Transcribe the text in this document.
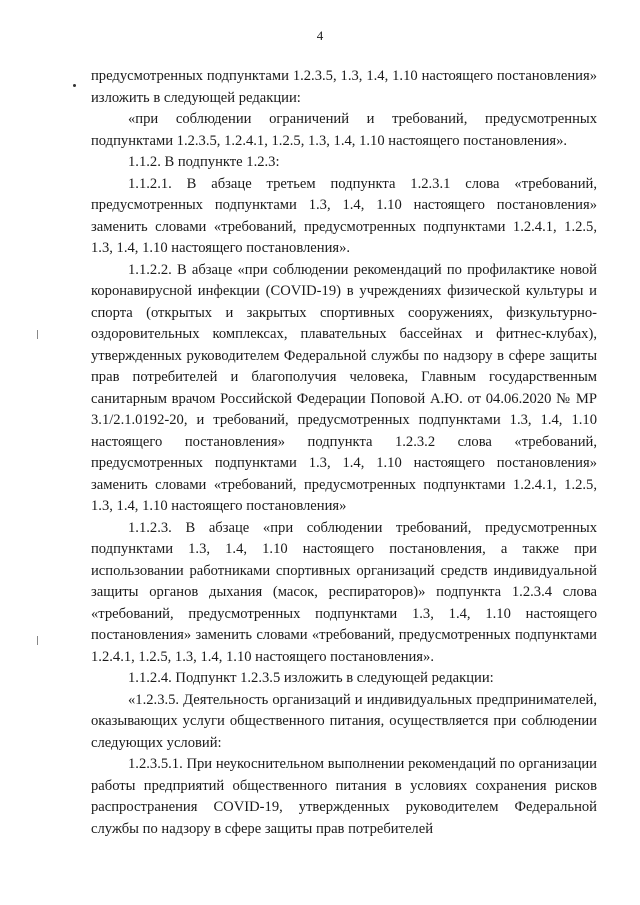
4

предусмотренных подпунктами 1.2.3.5, 1.3, 1.4, 1.10 настоящего постановления» изложить в следующей редакции:

«при соблюдении ограничений и требований, предусмотренных подпунктами 1.2.3.5, 1.2.4.1, 1.2.5, 1.3, 1.4, 1.10 настоящего постановления».

1.1.2. В подпункте 1.2.3:

1.1.2.1. В абзаце третьем подпункта 1.2.3.1 слова «требований, предусмотренных подпунктами 1.3, 1.4, 1.10 настоящего постановления» заменить словами «требований, предусмотренных подпунктами 1.2.4.1, 1.2.5, 1.3, 1.4, 1.10 настоящего постановления».

1.1.2.2. В абзаце «при соблюдении рекомендаций по профилактике новой коронавирусной инфекции (COVID-19) в учреждениях физической культуры и спорта (открытых и закрытых спортивных сооружениях, физкультурно-оздоровительных комплексах, плавательных бассейнах и фитнес-клубах), утвержденных руководителем Федеральной службы по надзору в сфере защиты прав потребителей и благополучия человека, Главным государственным санитарным врачом Российской Федерации Поповой А.Ю. от 04.06.2020 № МР 3.1/2.1.0192-20, и требований, предусмотренных подпунктами 1.3, 1.4, 1.10 настоящего постановления» подпункта 1.2.3.2 слова «требований, предусмотренных подпунктами 1.3, 1.4, 1.10 настоящего постановления» заменить словами «требований, предусмотренных подпунктами 1.2.4.1, 1.2.5, 1.3, 1.4, 1.10 настоящего постановления»

1.1.2.3. В абзаце «при соблюдении требований, предусмотренных подпунктами 1.3, 1.4, 1.10 настоящего постановления, а также при использовании работниками спортивных организаций средств индивидуальной защиты органов дыхания (масок, респираторов)» подпункта 1.2.3.4 слова «требований, предусмотренных подпунктами 1.3, 1.4, 1.10 настоящего постановления» заменить словами «требований, предусмотренных подпунктами 1.2.4.1, 1.2.5, 1.3, 1.4, 1.10 настоящего постановления».

1.1.2.4. Подпункт 1.2.3.5 изложить в следующей редакции:

«1.2.3.5. Деятельность организаций и индивидуальных предпринимателей, оказывающих услуги общественного питания, осуществляется при соблюдении следующих условий:

1.2.3.5.1. При неукоснительном выполнении рекомендаций по организации работы предприятий общественного питания в условиях сохранения рисков распространения COVID-19, утвержденных руководителем Федеральной службы по надзору в сфере защиты прав потребителей
